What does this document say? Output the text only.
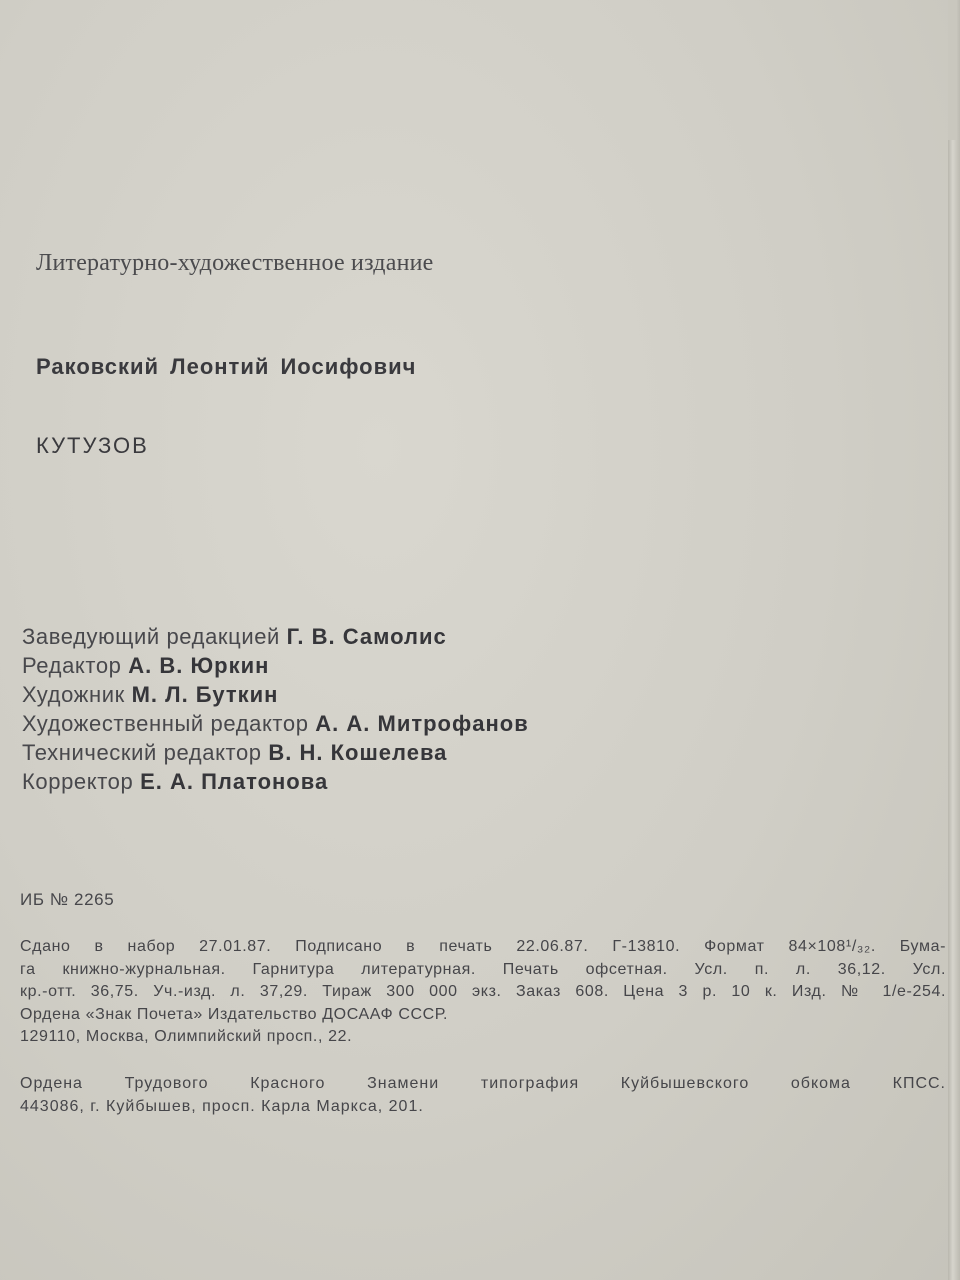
Литературно-художественное издание
Раковский Леонтий Иосифович
КУТУЗОВ
Заведующий редакцией Г. В. Самолис
Редактор А. В. Юркин
Художник М. Л. Буткин
Художественный редактор А. А. Митрофанов
Технический редактор В. Н. Кошелева
Корректор Е. А. Платонова
ИБ № 2265
Сдано в набор 27.01.87. Подписано в печать 22.06.87. Г-13810. Формат 84×108¹/₃₂. Бума-
га книжно-журнальная. Гарнитура литературная. Печать офсетная. Усл. п. л. 36,12. Усл.
кр.-отт. 36,75. Уч.-изд. л. 37,29. Тираж 300 000 экз. Заказ 608. Цена 3 р. 10 к. Изд. № 1/е-254.
Ордена «Знак Почета» Издательство ДОСААФ СССР.
129110, Москва, Олимпийский просп., 22.
Ордена Трудового Красного Знамени типография Куйбышевского обкома КПСС.
443086, г. Куйбышев, просп. Карла Маркса, 201.
